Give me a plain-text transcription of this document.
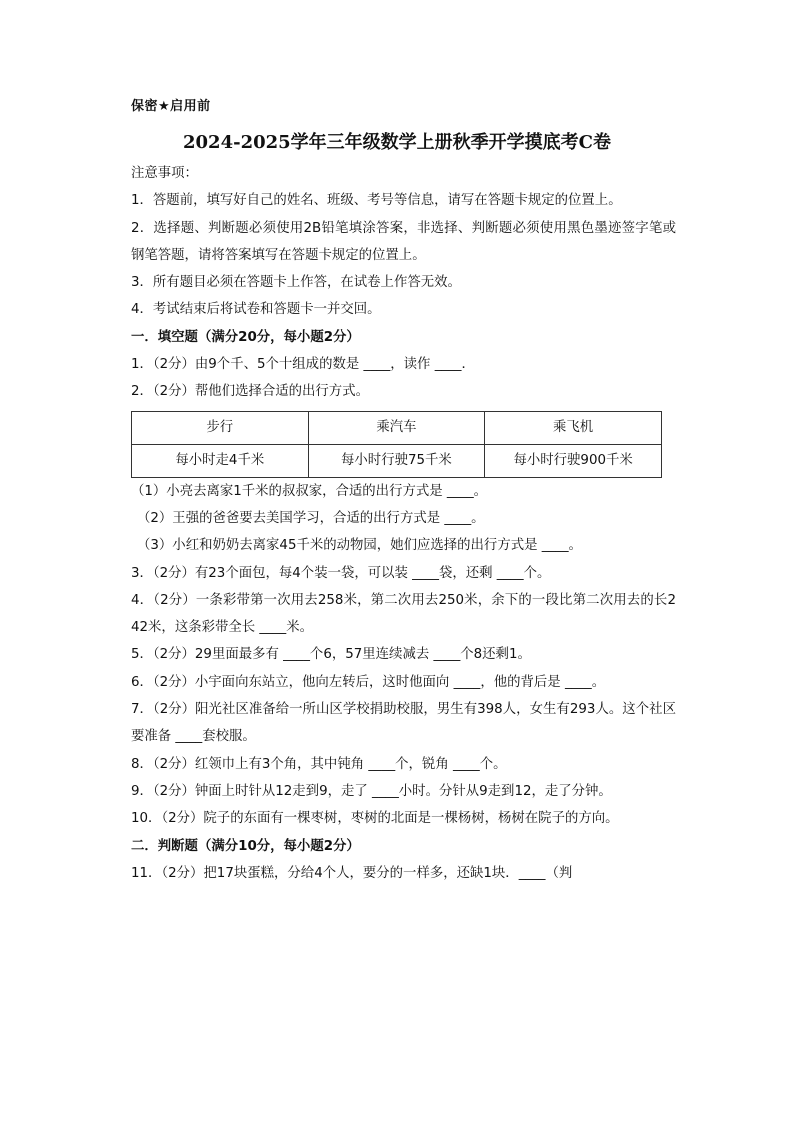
保密★启用前
2024-2025学年三年级数学上册秋季开学摸底考C卷
注意事项：
1．答题前，填写好自己的姓名、班级、考号等信息，请写在答题卡规定的位置上。
2．选择题、判断题必须使用2B铅笔填涂答案，非选择、判断题必须使用黑色墨迹签字笔或钢笔答题，请将答案填写在答题卡规定的位置上。
3．所有题目必须在答题卡上作答，在试卷上作答无效。
4．考试结束后将试卷和答题卡一并交回。
一．填空题（满分20分，每小题2分）
1．（2分）由9个千、5个十组成的数是 ____，读作 ____．
2．（2分）帮他们选择合适的出行方式。
步行	乘汽车	乘飞机
每小时走4千米	每小时行驶75千米	每小时行驶900千米
（1）小亮去离家1千米的叔叔家，合适的出行方式是 ____。
（2）王强的爸爸要去美国学习，合适的出行方式是 ____。
（3）小红和奶奶去离家45千米的动物园，她们应选择的出行方式是 ____。
3．（2分）有23个面包，每4个装一袋，可以装 ____袋，还剩 ____个。
4．（2分）一条彩带第一次用去258米，第二次用去250米，余下的一段比第二次用去的长242米，这条彩带全长 ____米。
5．（2分）29里面最多有 ____个6，57里连续减去 ____个8还剩1。
6．（2分）小宇面向东站立，他向左转后，这时他面向 ____，他的背后是 ____。
7．（2分）阳光社区准备给一所山区学校捐助校服，男生有398人，女生有293人。这个社区要准备 ____套校服。
8．（2分）红领巾上有3个角，其中钝角 ____个，锐角 ____个。
9．（2分）钟面上时针从12走到9，走了 ____小时。分针从9走到12，走了分钟。
10．（2分）院子的东面有一棵枣树，枣树的北面是一棵杨树，杨树在院子的方向。
二．判断题（满分10分，每小题2分）
11．（2分）把17块蛋糕，分给4个人，要分的一样多，还缺1块．____（判
